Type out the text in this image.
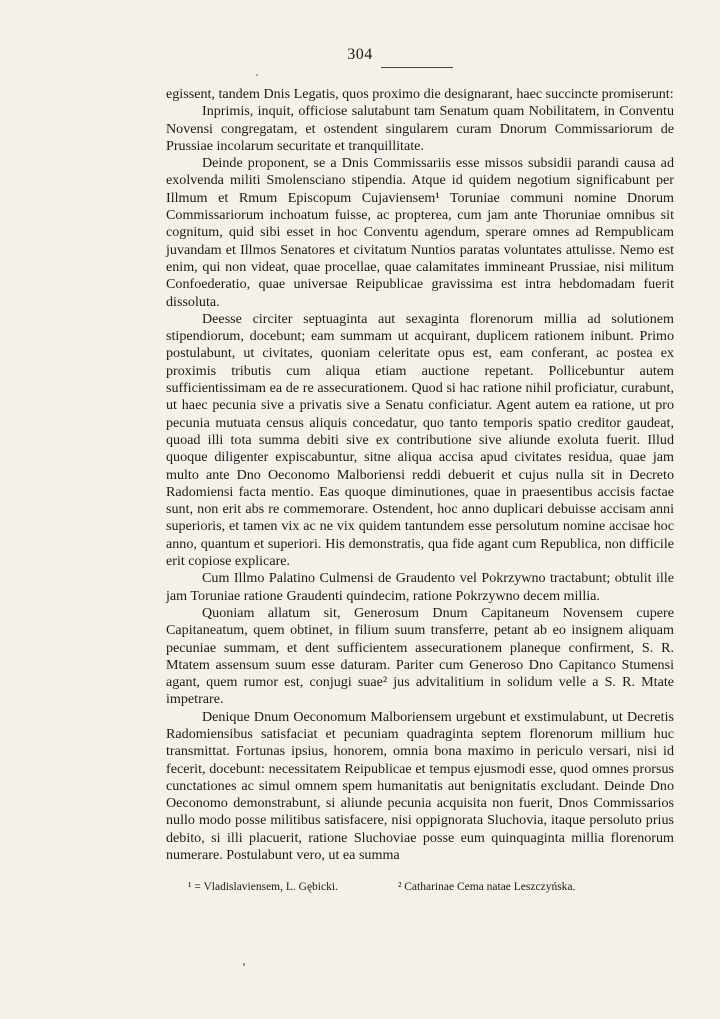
304

egissent, tandem Dnis Legatis, quos proximo die designarant, haec succincte promiserunt:

Inprimis, inquit, officiose salutabunt tam Senatum quam Nobilitatem, in Conventu Novensi congregatam, et ostendent singularem curam Dnorum Commissariorum de Prussiae incolarum securitate et tranquillitate.

Deinde proponent, se a Dnis Commissariis esse missos subsidii parandi causa ad exolvenda militi Smolensciano stipendia. Atque id quidem negotium significabunt per Illmum et Rmum Episcopum Cujaviensem¹ Toruniae communi nomine Dnorum Commissariorum inchoatum fuisse, ac propterea, cum jam ante Thoruniae omnibus sit cognitum, quid sibi esset in hoc Conventu agendum, sperare omnes ad Rempublicam juvandam et Illmos Senatores et civitatum Nuntios paratas voluntates attulisse. Nemo est enim, qui non videat, quae procellae, quae calamitates immineant Prussiae, nisi militum Confoederatio, quae universae Reipublicae gravissima est intra hebdomadam fuerit dissoluta.

Deesse circiter septuaginta aut sexaginta florenorum millia ad solutionem stipendiorum, docebunt; eam summam ut acquirant, duplicem rationem inibunt. Primo postulabunt, ut civitates, quoniam celeritate opus est, eam conferant, ac postea ex proximis tributis cum aliqua etiam auctione repetant. Pollicebuntur autem sufficientissimam ea de re assecurationem. Quod si hac ratione nihil proficiatur, curabunt, ut haec pecunia sive a privatis sive a Senatu conficiatur. Agent autem ea ratione, ut pro pecunia mutuata census aliquis concedatur, quo tanto temporis spatio creditor gaudeat, quoad illi tota summa debiti sive ex contributione sive aliunde exoluta fuerit. Illud quoque diligenter expiscabuntur, sitne aliqua accisa apud civitates residua, quae jam multo ante Dno Oeconomo Malboriensi reddi debuerit et cujus nulla sit in Decreto Radomiensi facta mentio. Eas quoque diminutiones, quae in praesentibus accisis factae sunt, non erit abs re commemorare. Ostendent, hoc anno duplicari debuisse accisam anni superioris, et tamen vix ac ne vix quidem tantundem esse persolutum nomine accisae hoc anno, quantum et superiori. His demonstratis, qua fide agant cum Republica, non difficile erit copiose explicare.

Cum Illmo Palatino Culmensi de Graudento vel Pokrzywno tractabunt; obtulit ille jam Toruniae ratione Graudenti quindecim, ratione Pokrzywno decem millia.

Quoniam allatum sit, Generosum Dnum Capitaneum Novensem cupere Capitaneatum, quem obtinet, in filium suum transferre, petant ab eo insignem aliquam pecuniae summam, et dent sufficientem assecurationem planeque confirment, S. R. Mtatem assensum suum esse daturam. Pariter cum Generoso Dno Capitanco Stumensi agant, quem rumor est, conjugi suae² jus advitalitium in solidum velle a S. R. Mtate impetrare.

Denique Dnum Oeconomum Malboriensem urgebunt et exstimulabunt, ut Decretis Radomiensibus satisfaciat et pecuniam quadraginta septem florenorum millium huc transmittat. Fortunas ipsius, honorem, omnia bona maximo in periculo versari, nisi id fecerit, docebunt: necessitatem Reipublicae et tempus ejusmodi esse, quod omnes prorsus cunctationes ac simul omnem spem humanitatis aut benignitatis excludant. Deinde Dno Oeconomo demonstrabunt, si aliunde pecunia acquisita non fuerit, Dnos Commissarios nullo modo posse militibus satisfacere, nisi oppignorata Sluchovia, itaque persoluto prius debito, si illi placuerit, ratione Sluchoviae posse eum quinquaginta millia florenorum numerare. Postulabunt vero, ut ea summa

¹ = Vladislaviensem, L. Gębicki.	² Catharinae Cema natae Leszczyńska.
